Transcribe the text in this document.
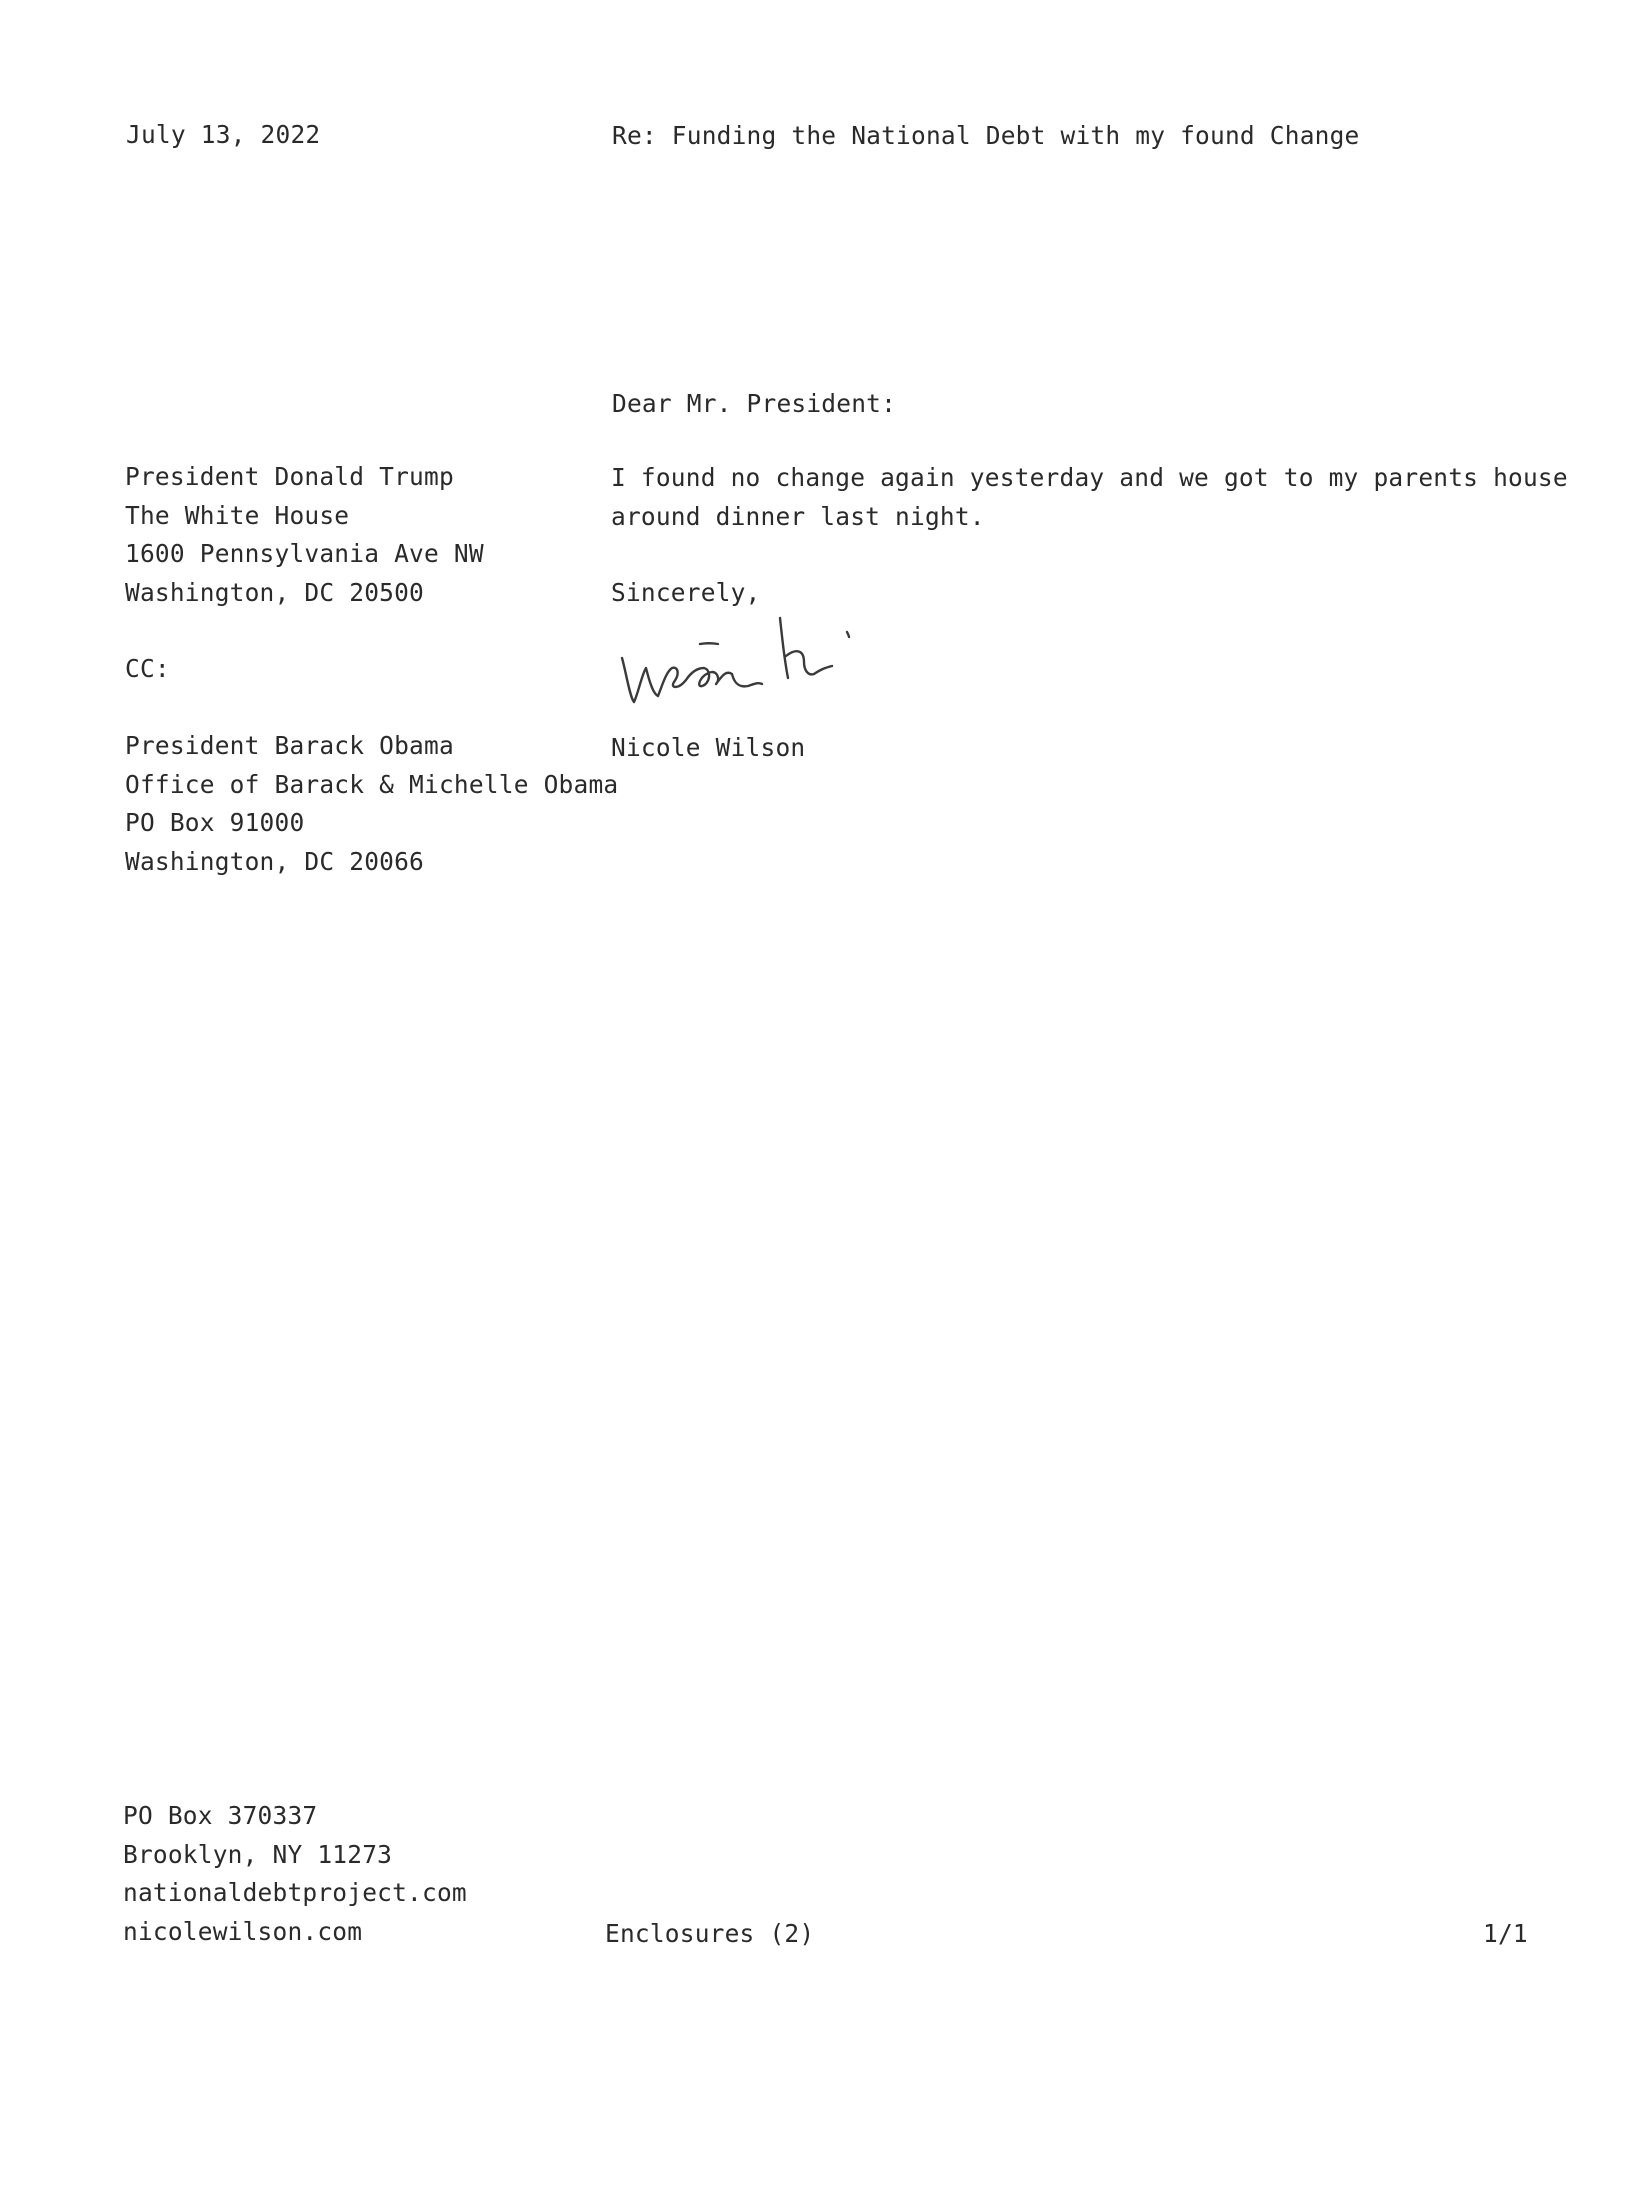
July 13, 2022	Re: Funding the National Debt with my found Change

Dear Mr. President:

President Donald Trump
The White House
1600 Pennsylvania Ave NW
Washington, DC 20500
I found no change again yesterday and we got to my parents house
around dinner last night.

Sincerely,

CC:

Nicole Wilson

President Barack Obama
Office of Barack & Michelle Obama
PO Box 91000
Washington, DC 20066
PO Box 370337
Brooklyn, NY 11273
nationaldebtproject.com
nicolewilson.com	Enclosures (2)	1/1
